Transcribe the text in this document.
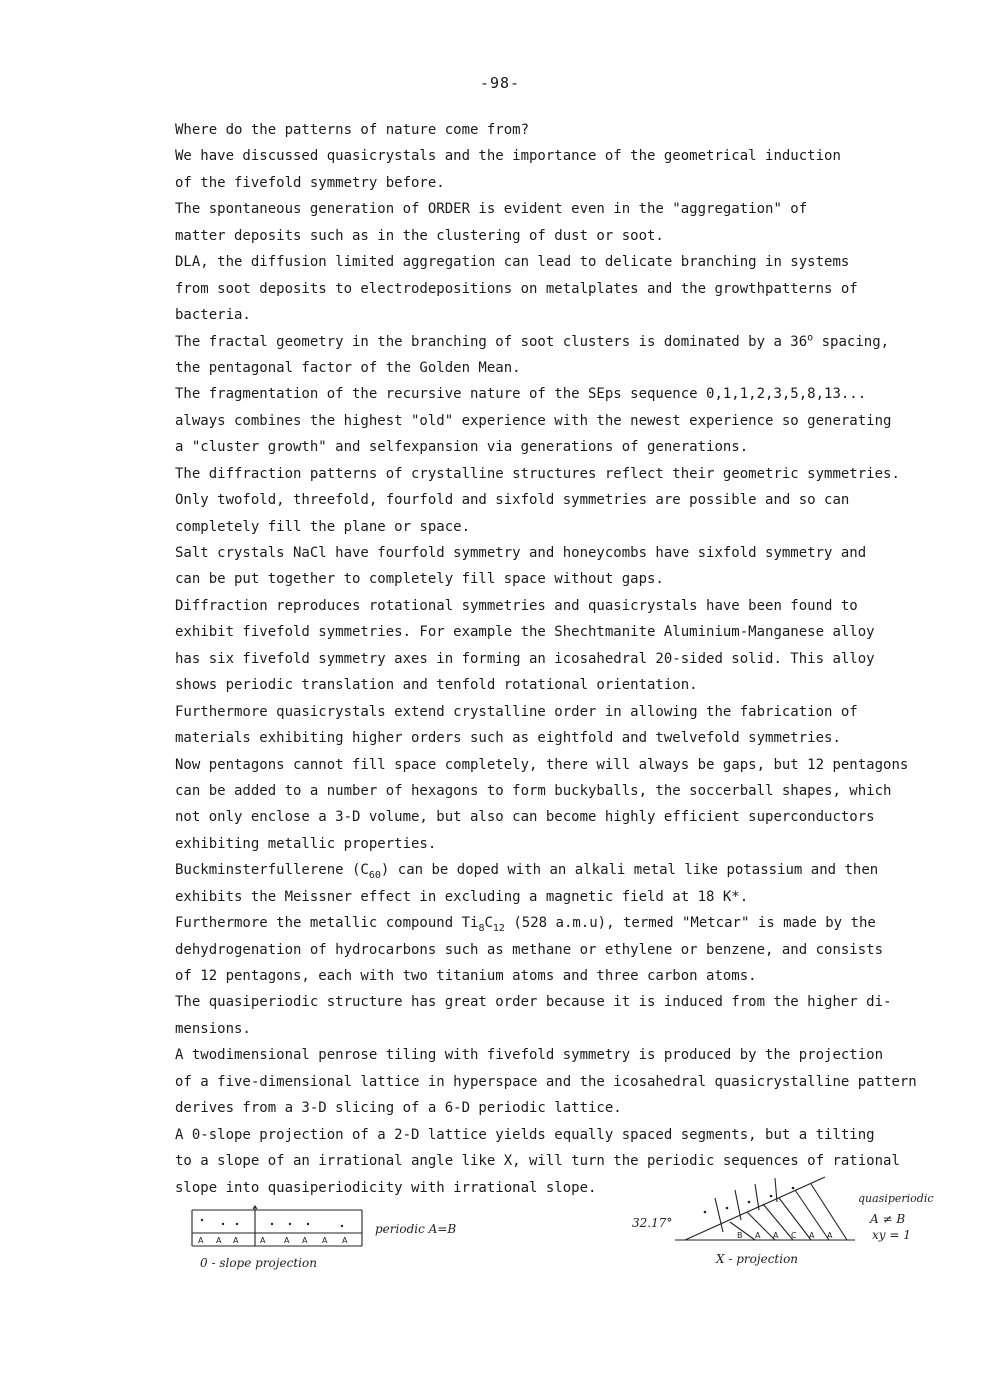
-98-
Where do the patterns of nature come from?
We have discussed quasicrystals and the importance of the geometrical induction
of the fivefold symmetry before.
The spontaneous generation of ORDER is evident even in the "aggregation" of
matter deposits such as in the clustering of dust or soot.
DLA, the diffusion limited aggregation can lead to delicate branching in systems
from soot deposits to electrodepositions on metalplates and the growthpatterns of
bacteria.
The fractal geometry in the branching of soot clusters is dominated by a 36$^o$ spacing,
the pentagonal factor of the Golden Mean.
The fragmentation of the recursive nature of the SEps sequence 0,1,1,2,3,5,8,13...
always combines the highest "old" experience with the newest experience so generating
a "cluster growth" and selfexpansion via generations of generations.
The diffraction patterns of crystalline structures reflect their geometric symmetries.
Only twofold, threefold, fourfold and sixfold symmetries are possible and so can
completely fill the plane or space.
Salt crystals NaCl have fourfold symmetry and honeycombs have sixfold symmetry and
can be put together to completely fill space without gaps.
Diffraction reproduces rotational symmetries and quasicrystals have been found to
exhibit fivefold symmetries. For example the Shechtmanite Aluminium-Manganese alloy
has six fivefold symmetry axes in forming an icosahedral 20-sided solid. This alloy
shows periodic translation and tenfold rotational orientation.
Furthermore quasicrystals extend crystalline order in allowing the fabrication of
materials exhibiting higher orders such as eightfold and twelvefold symmetries.
Now pentagons cannot fill space completely, there will always be gaps, but 12 pentagons
can be added to a number of hexagons to form buckyballs, the soccerball shapes, which
not only enclose a 3-D volume, but also can become highly efficient superconductors
exhibiting metallic properties.
Buckminsterfullerene $(C_{60})$ can be doped with an alkali metal like potassium and then
exhibits the Meissner effect in excluding a magnetic field at 18 K*.
Furthermore the metallic compound $Ti_8C_{12}$ (528 a.m.u), termed "Metcar" is made by the
dehydrogenation of hydrocarbons such as methane or ethylene or benzene, and consists
of 12 pentagons, each with two titanium atoms and three carbon atoms.
The quasiperiodic structure has great order because it is induced from the higher di-
mensions.
A twodimensional penrose tiling with fivefold symmetry is produced by the projection
of a five-dimensional lattice in hyperspace and the icosahedral quasicrystalline pattern
derives from a 3-D slicing of a 6-D periodic lattice.
A 0-slope projection of a 2-D lattice yields equally spaced segments, but a tilting
to a slope of an irrational angle like X, will turn the periodic sequences of rational
slope into quasiperiodicity with irrational slope.
A A A	A A A A A
periodic A=B
0 - slope projection
B A A C A A
32.17°
quasiperiodic
A ≠ B
xy = 1
X - projection
